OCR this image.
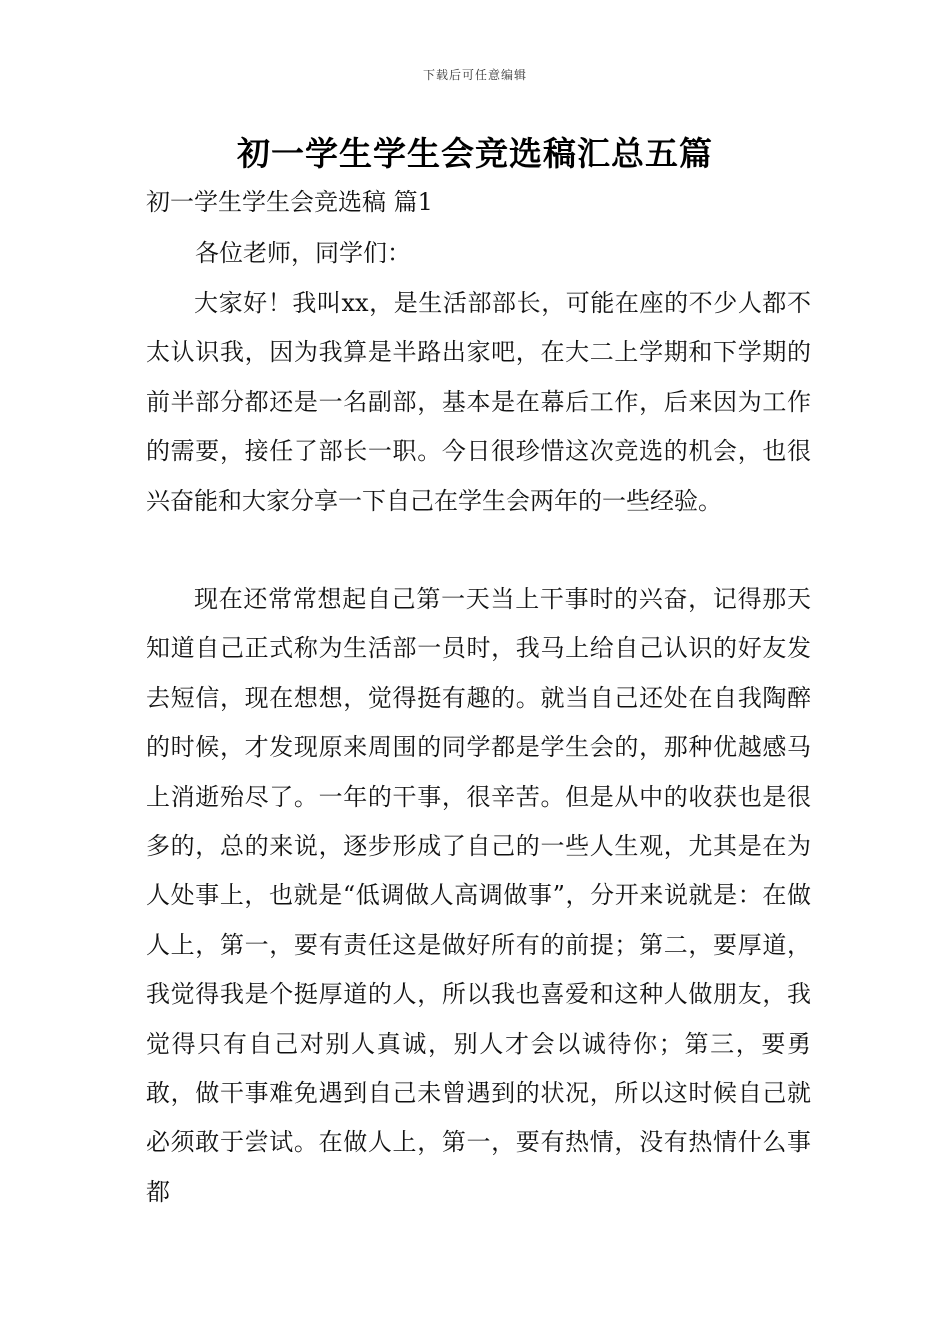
下载后可任意编辑
初一学生学生会竞选稿汇总五篇
初一学生学生会竞选稿 篇1

各位老师，同学们：

大家好！我叫xx，是生活部部长，可能在座的不少人都不太认识我，因为我算是半路出家吧，在大二上学期和下学期的前半部分都还是一名副部，基本是在幕后工作，后来因为工作的需要，接任了部长一职。今日很珍惜这次竞选的机会，也很兴奋能和大家分享一下自己在学生会两年的一些经验。

现在还常常想起自己第一天当上干事时的兴奋，记得那天知道自己正式称为生活部一员时，我马上给自己认识的好友发去短信，现在想想，觉得挺有趣的。就当自己还处在自我陶醉的时候，才发现原来周围的同学都是学生会的，那种优越感马上消逝殆尽了。一年的干事，很辛苦。但是从中的收获也是很多的，总的来说，逐步形成了自己的一些人生观，尤其是在为人处事上，也就是“低调做人高调做事”，分开来说就是：在做人上，第一，要有责任这是做好所有的前提；第二，要厚道，我觉得我是个挺厚道的人，所以我也喜爱和这种人做朋友，我觉得只有自己对别人真诚，别人才会以诚待你；第三，要勇敢，做干事难免遇到自己未曾遇到的状况，所以这时候自己就必须敢于尝试。在做人上，第一，要有热情，没有热情什么事都
